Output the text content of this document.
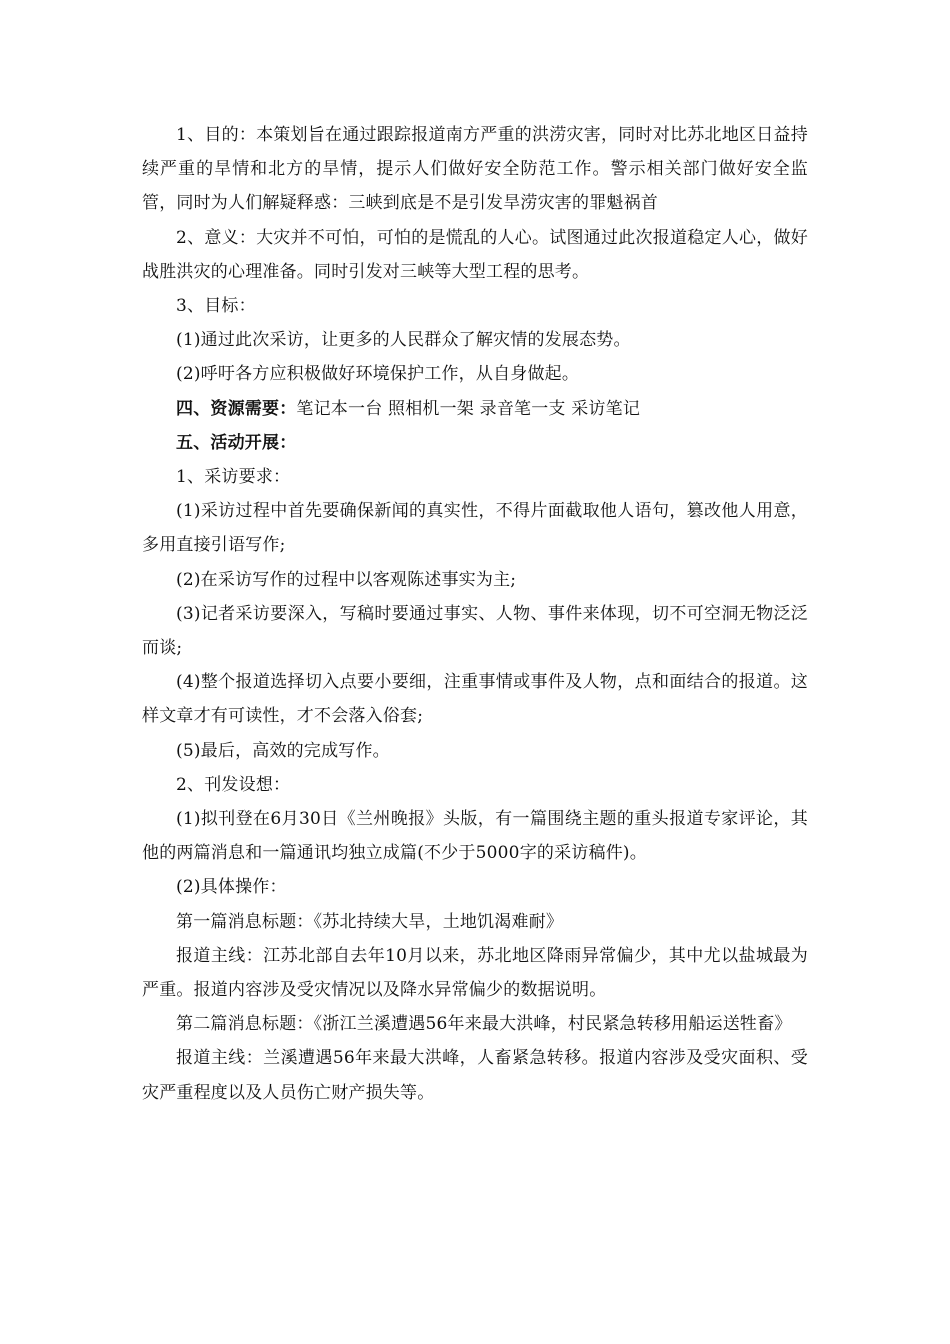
1、目的：本策划旨在通过跟踪报道南方严重的洪涝灾害，同时对比苏北地区日益持续严重的旱情和北方的旱情，提示人们做好安全防范工作。警示相关部门做好安全监管，同时为人们解疑释惑：三峡到底是不是引发旱涝灾害的罪魁祸首

2、意义：大灾并不可怕，可怕的是慌乱的人心。试图通过此次报道稳定人心，做好战胜洪灾的心理准备。同时引发对三峡等大型工程的思考。

3、目标：

(1)通过此次采访，让更多的人民群众了解灾情的发展态势。

(2)呼吁各方应积极做好环境保护工作，从自身做起。

四、资源需要：笔记本一台 照相机一架 录音笔一支 采访笔记

五、活动开展：

1、采访要求：

(1)采访过程中首先要确保新闻的真实性，不得片面截取他人语句，篡改他人用意，多用直接引语写作;

(2)在采访写作的过程中以客观陈述事实为主;

(3)记者采访要深入，写稿时要通过事实、人物、事件来体现，切不可空洞无物泛泛而谈;

(4)整个报道选择切入点要小要细，注重事情或事件及人物，点和面结合的报道。这样文章才有可读性，才不会落入俗套;

(5)最后，高效的完成写作。

2、刊发设想：

(1)拟刊登在6月30日《兰州晚报》头版，有一篇围绕主题的重头报道专家评论，其他的两篇消息和一篇通讯均独立成篇(不少于5000字的采访稿件)。

(2)具体操作：

第一篇消息标题：《苏北持续大旱，土地饥渴难耐》

报道主线：江苏北部自去年10月以来，苏北地区降雨异常偏少，其中尤以盐城最为严重。报道内容涉及受灾情况以及降水异常偏少的数据说明。

第二篇消息标题：《浙江兰溪遭遇56年来最大洪峰，村民紧急转移用船运送牲畜》

报道主线：兰溪遭遇56年来最大洪峰，人畜紧急转移。报道内容涉及受灾面积、受灾严重程度以及人员伤亡财产损失等。
